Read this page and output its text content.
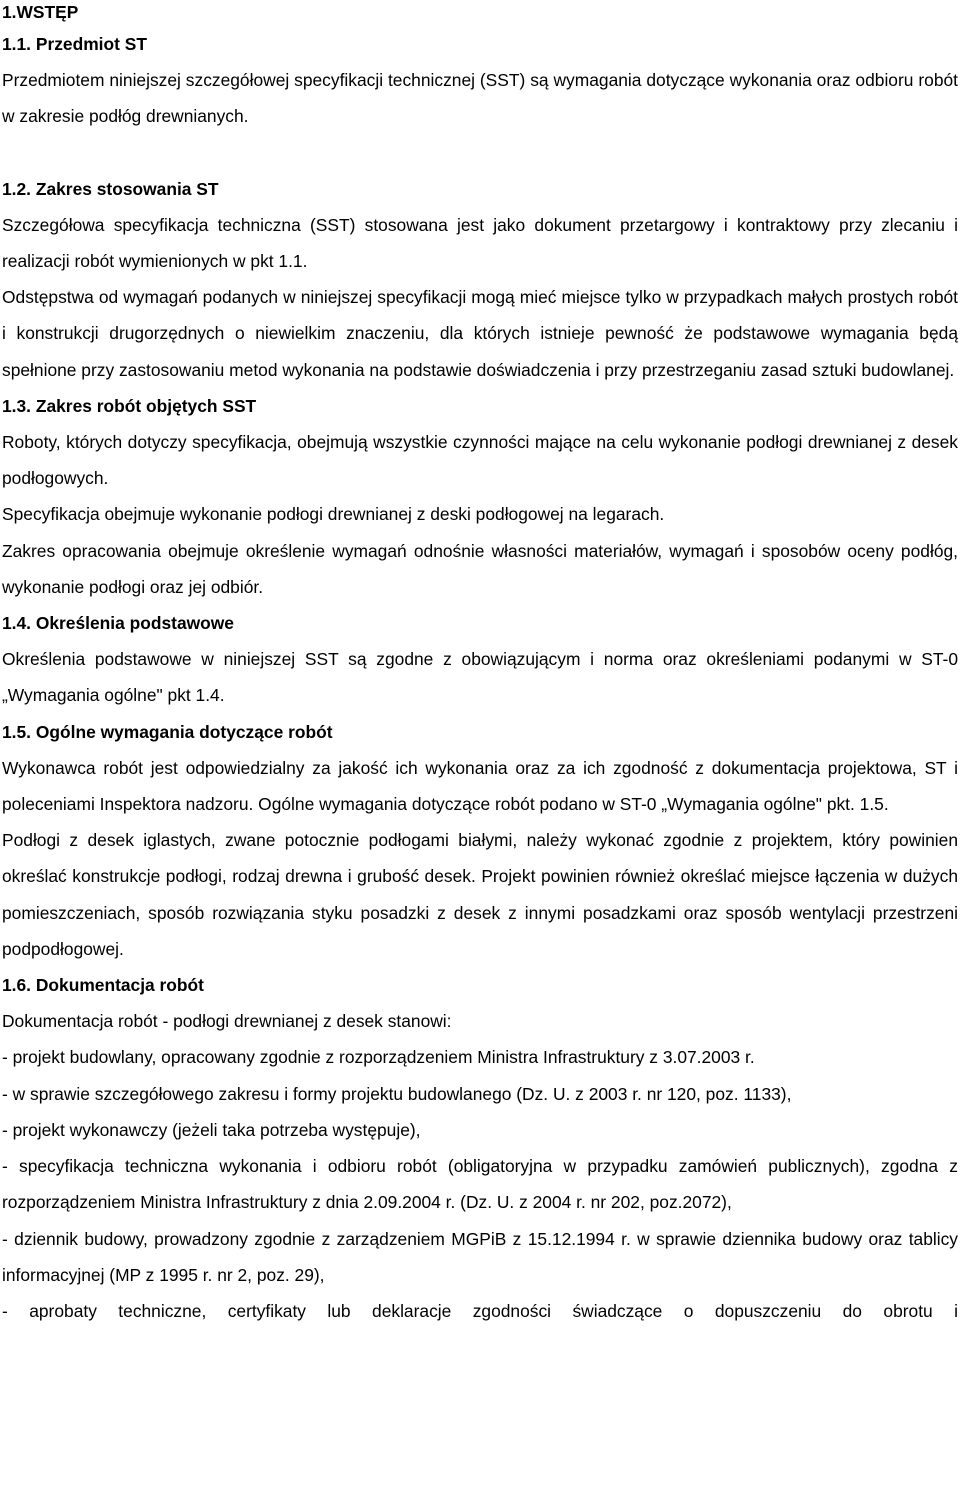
1.WSTĘP
1.1. Przedmiot ST

Przedmiotem niniejszej szczegółowej specyfikacji technicznej (SST) są wymagania dotyczące wykonania oraz odbioru robót w zakresie podłóg drewnianych.

1.2. Zakres stosowania ST

Szczegółowa specyfikacja techniczna (SST) stosowana jest jako dokument przetargowy i kontraktowy przy zlecaniu i realizacji robót wymienionych w pkt 1.1.

Odstępstwa od wymagań podanych w niniejszej specyfikacji mogą mieć miejsce tylko w przypadkach małych prostych robót i konstrukcji drugorzędnych o niewielkim znaczeniu, dla których istnieje pewność że podstawowe wymagania będą spełnione przy zastosowaniu metod wykonania na podstawie doświadczenia i przy przestrzeganiu zasad sztuki budowlanej.

1.3. Zakres robót objętych SST

Roboty, których dotyczy specyfikacja, obejmują wszystkie czynności mające na celu wykonanie podłogi drewnianej z desek podłogowych.

Specyfikacja obejmuje wykonanie podłogi drewnianej z deski podłogowej na legarach.

Zakres opracowania obejmuje określenie wymagań odnośnie własności materiałów, wymagań i sposobów oceny podłóg, wykonanie podłogi oraz jej odbiór.

1.4. Określenia podstawowe

Określenia podstawowe w niniejszej SST są zgodne z obowiązującym i norma oraz określeniami podanymi w ST-0 „Wymagania ogólne" pkt 1.4.

1.5. Ogólne wymagania dotyczące robót

Wykonawca robót jest odpowiedzialny za jakość ich wykonania oraz za ich zgodność z dokumentacja projektowa, ST i poleceniami Inspektora nadzoru. Ogólne wymagania dotyczące robót podano w ST-0 „Wymagania ogólne" pkt. 1.5.

Podłogi z desek iglastych, zwane potocznie podłogami białymi, należy wykonać zgodnie z projektem, który powinien określać konstrukcje podłogi, rodzaj drewna i grubość desek. Projekt powinien również określać miejsce łączenia w dużych pomieszczeniach, sposób rozwiązania styku posadzki z desek z innymi posadzkami oraz sposób wentylacji przestrzeni podpodłogowej.

1.6. Dokumentacja robót

Dokumentacja robót - podłogi drewnianej z desek stanowi:

- projekt budowlany, opracowany zgodnie z rozporządzeniem Ministra Infrastruktury z 3.07.2003 r.

- w sprawie szczegółowego zakresu i formy projektu budowlanego (Dz. U. z 2003 r. nr 120, poz. 1133),

- projekt wykonawczy (jeżeli taka potrzeba występuje),

- specyfikacja techniczna wykonania i odbioru robót (obligatoryjna w przypadku zamówień publicznych), zgodna z rozporządzeniem Ministra Infrastruktury z dnia 2.09.2004 r. (Dz. U. z 2004 r. nr 202, poz.2072),

- dziennik budowy, prowadzony zgodnie z zarządzeniem MGPiB z 15.12.1994 r. w sprawie dziennika budowy oraz tablicy informacyjnej (MP z 1995 r. nr 2, poz. 29),

- aprobaty techniczne, certyfikaty lub deklaracje zgodności świadczące o dopuszczeniu do obrotu i
